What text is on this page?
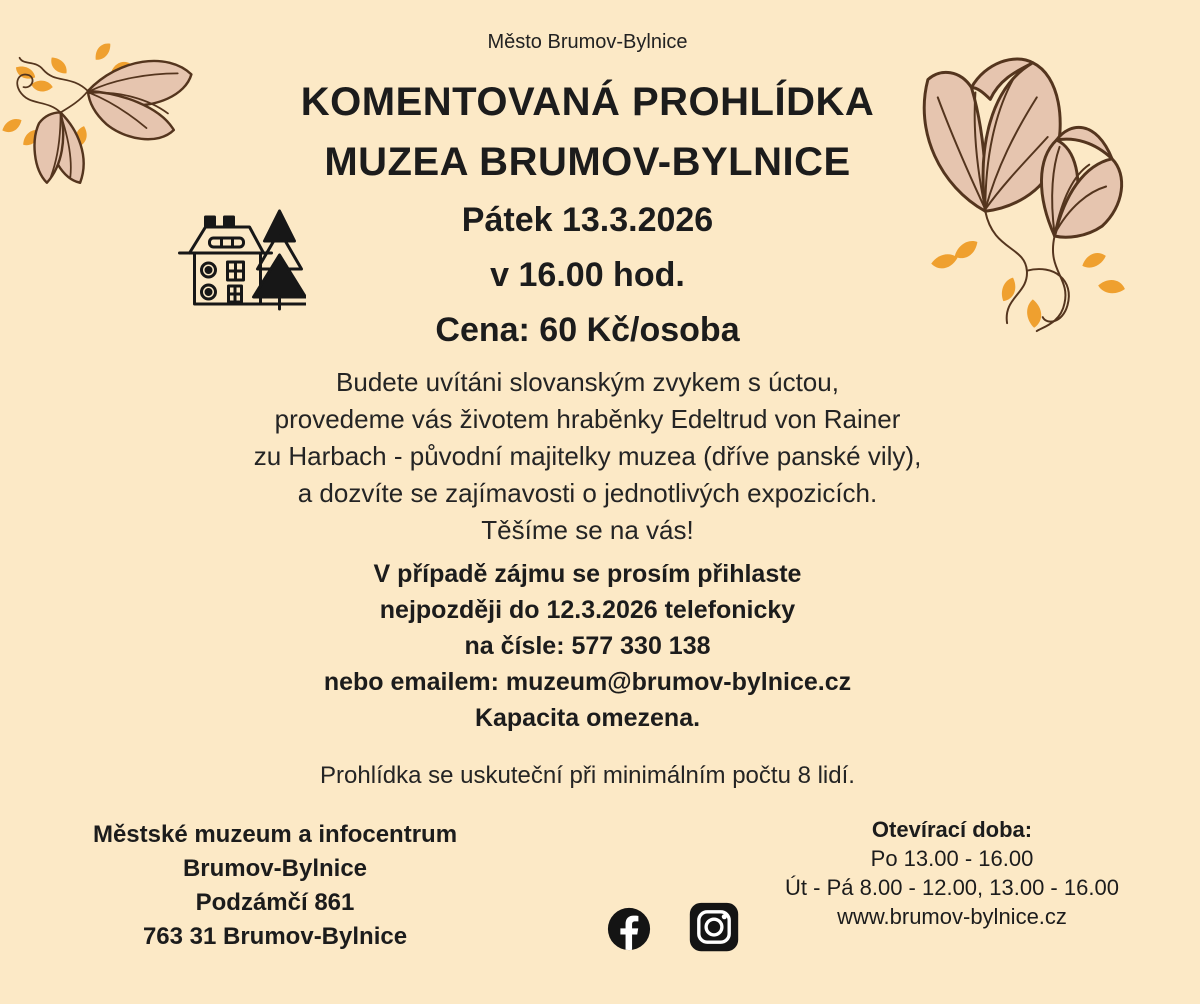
Město Brumov-Bylnice
KOMENTOVANÁ PROHLÍDKA
MUZEA BRUMOV-BYLNICE
Pátek 13.3.2026
v 16.00 hod.
Cena: 60 Kč/osoba
Budete uvítáni slovanským zvykem s úctou,
provedeme vás životem hraběnky Edeltrud von Rainer
zu Harbach - původní majitelky muzea (dříve panské vily),
a dozvíte se zajímavosti o jednotlivých expozicích.
Těšíme se na vás!
V případě zájmu se prosím přihlaste
nejpozději do 12.3.2026 telefonicky
na čísle: 577 330 138
nebo emailem: muzeum@brumov-bylnice.cz
Kapacita omezena.
Prohlídka se uskuteční při minimálním počtu 8 lidí.
Městské muzeum a infocentrum
Brumov-Bylnice
Podzámčí 861
763 31 Brumov-Bylnice
Otevírací doba:
Po 13.00 - 16.00
Út - Pá 8.00 - 12.00, 13.00 - 16.00
www.brumov-bylnice.cz
